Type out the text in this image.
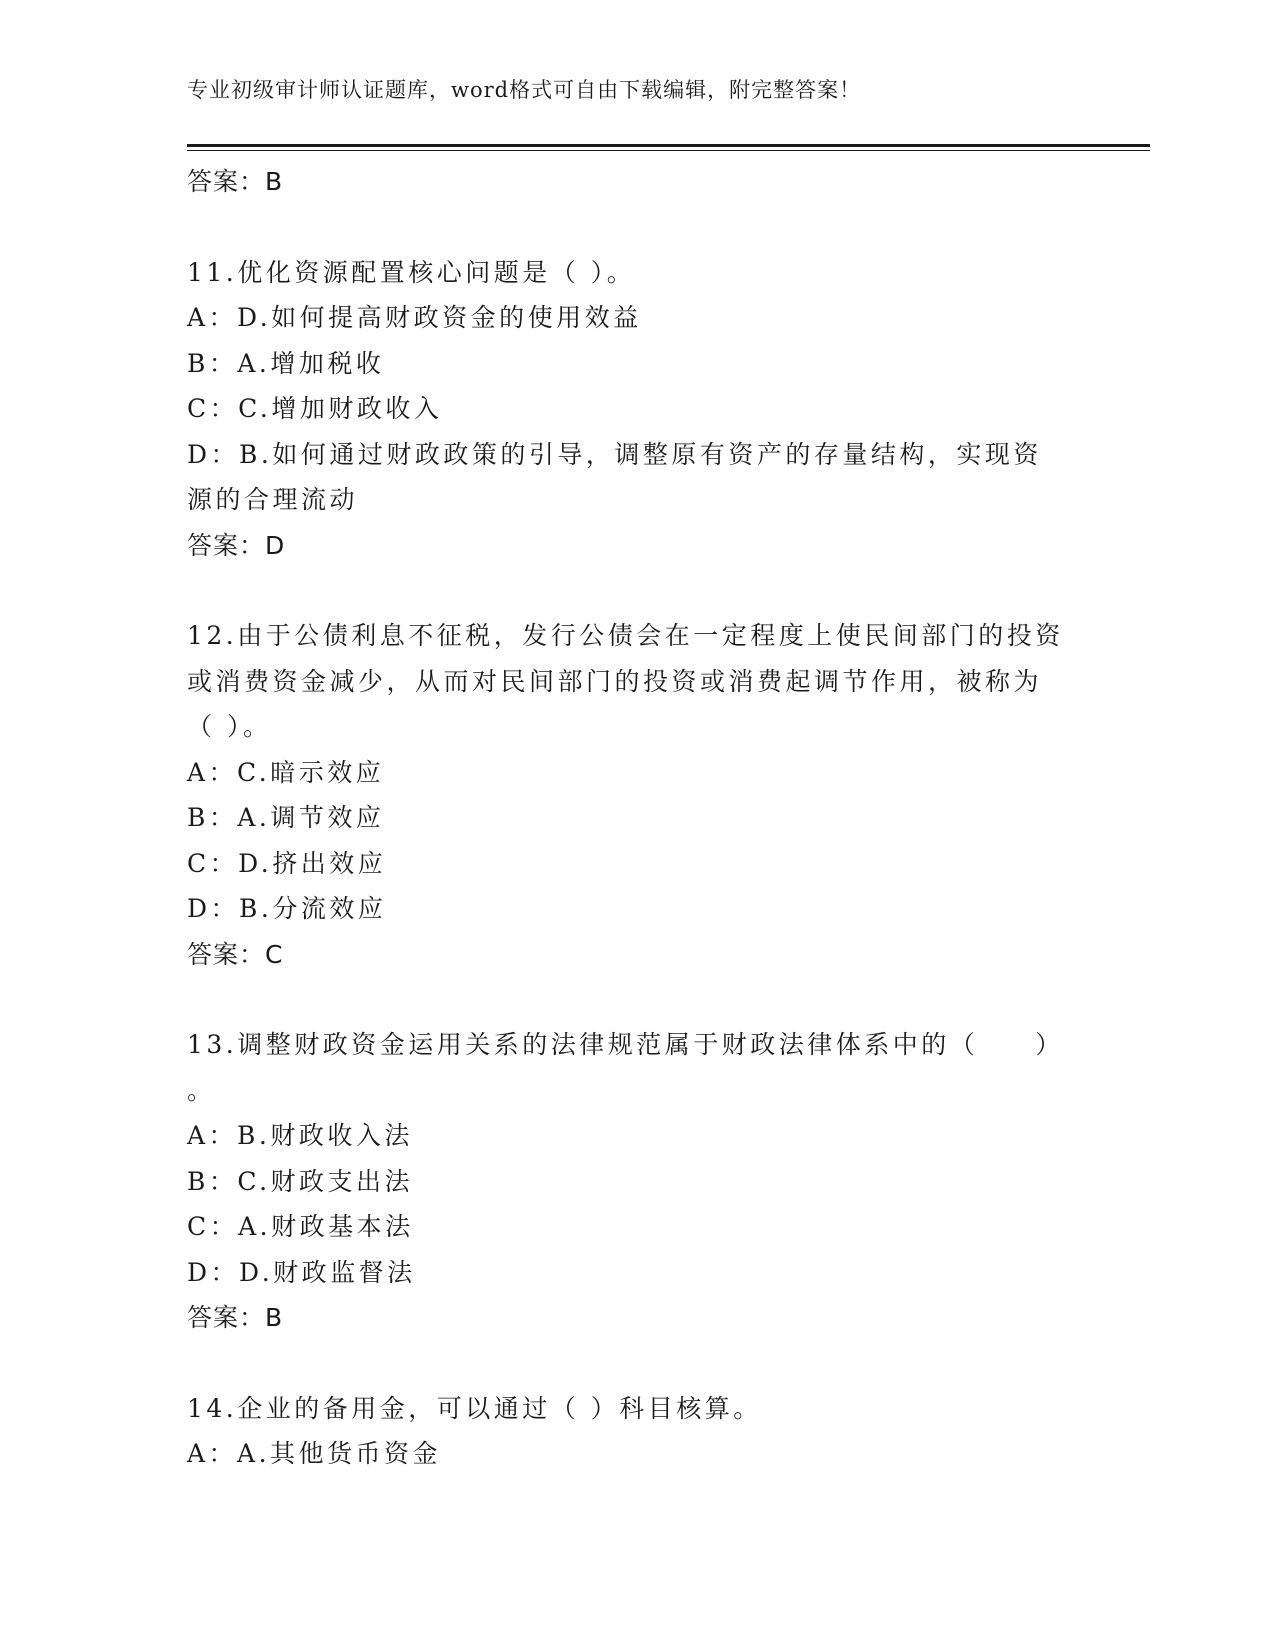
专业初级审计师认证题库，word格式可自由下载编辑，附完整答案！
答案：B
11.优化资源配置核心问题是（ ）。
A：D.如何提高财政资金的使用效益
B：A.增加税收
C：C.增加财政收入
D：B.如何通过财政政策的引导，调整原有资产的存量结构，实现资源的合理流动
答案：D
12.由于公债利息不征税，发行公债会在一定程度上使民间部门的投资或消费资金减少，从而对民间部门的投资或消费起调节作用，被称为（ ）。
A：C.暗示效应
B：A.调节效应
C：D.挤出效应
D：B.分流效应
答案：C
13.调整财政资金运用关系的法律规范属于财政法律体系中的（　　）
。
A：B.财政收入法
B：C.财政支出法
C：A.财政基本法
D：D.财政监督法
答案：B
14.企业的备用金，可以通过（ ）科目核算。
A：A.其他货币资金
